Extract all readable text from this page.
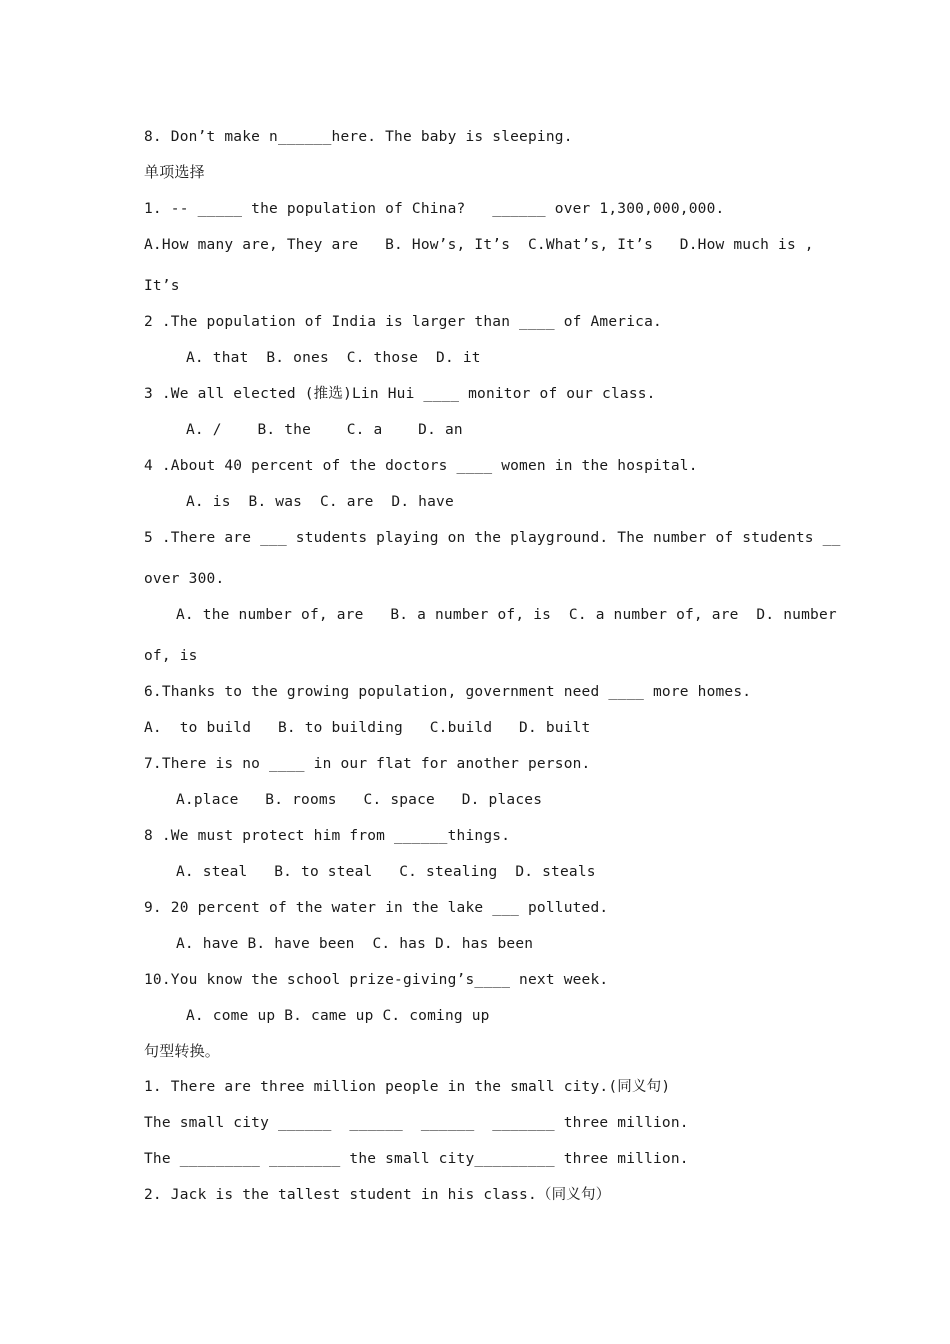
8. Don’t make n______here. The baby is sleeping.

单项选择

1. -- _____ the population of China?   ______ over 1,300,000,000.

A.How many are, They are   B. How’s, It’s  C.What’s, It’s   D.How much is ,

It’s

2 .The population of India is larger than ____ of America.

A. that  B. ones  C. those  D. it

3 .We all elected (推选)Lin Hui ____ monitor of our class.

A. /    B. the    C. a    D. an

4 .About 40 percent of the doctors ____ women in the hospital.

A. is  B. was  C. are  D. have

5 .There are ___ students playing on the playground. The number of students __

over 300.

A. the number of, are   B. a number of, is  C. a number of, are  D. number

of, is

6.Thanks to the growing population, government need ____ more homes.

A.  to build   B. to building   C.build   D. built

7.There is no ____ in our flat for another person.

A.place   B. rooms   C. space   D. places

8 .We must protect him from ______things.

A. steal   B. to steal   C. stealing  D. steals

9. 20 percent of the water in the lake ___ polluted.

A. have B. have been  C. has D. has been

10.You know the school prize-giving’s____ next week.

A. come up B. came up C. coming up

句型转换。

1. There are three million people in the small city.(同义句)

The small city ______  ______  ______  _______ three million.

The _________ ________ the small city_________ three million.

2. Jack is the tallest student in his class.（同义句）
